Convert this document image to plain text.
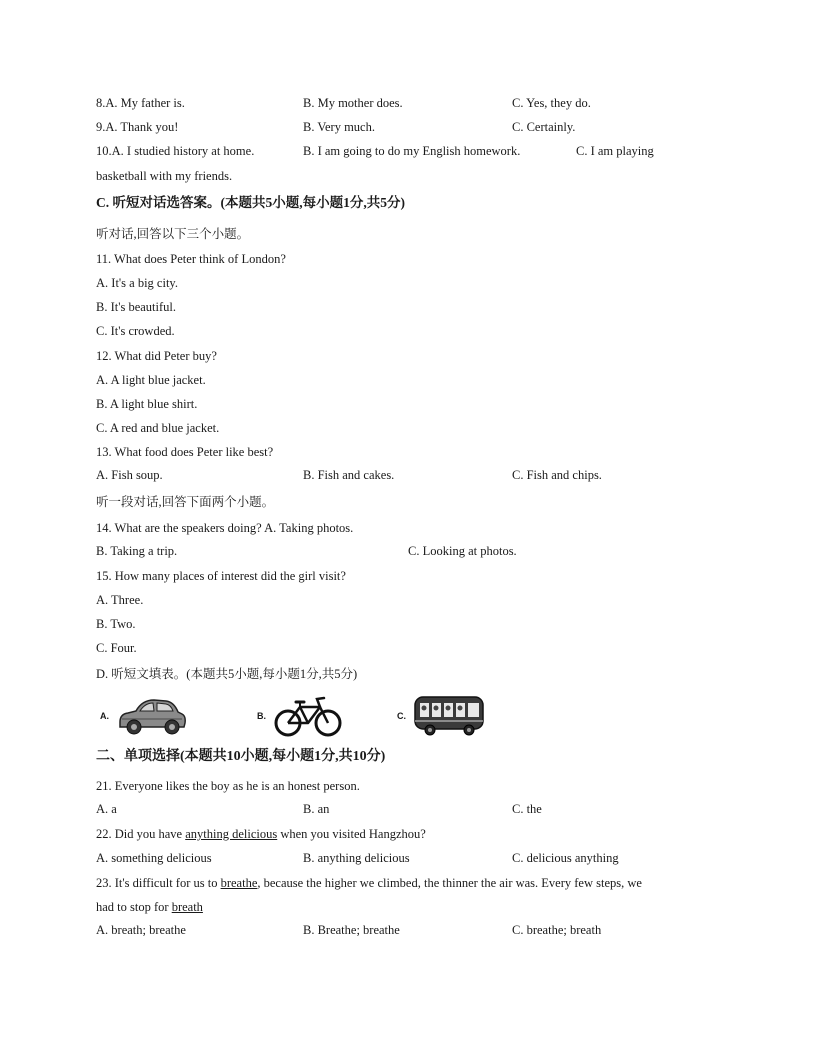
8.A. My father is.	B. My mother does.	C. Yes, they do.
9.A. Thank you!	B. Very much.	C. Certainly.
10.A. I studied history at home.	B. I am going to do my English homework.	C. I am playing
basketball with my friends.
C. 听短对话选答案。(本题共5小题,每小题1分,共5分)
听对话,回答以下三个小题。
11. What does Peter think of London?
A. It's a big city.
B. It's beautiful.
C. It's crowded.
12. What did Peter buy?
A. A light blue jacket.
B. A light blue shirt.
C. A red and blue jacket.
13. What food does Peter like best?
A. Fish soup.	B. Fish and cakes.	C. Fish and chips.
听一段对话,回答下面两个小题。
14. What are the speakers doing? A. Taking photos.
B. Taking a trip.	C. Looking at photos.
15. How many places of interest did the girl visit?
A. Three.
B. Two.
C. Four.
D. 听短文填表。(本题共5小题,每小题1分,共5分)
A.	B.	C.
二、单项选择(本题共10小题,每小题1分,共10分)
21. Everyone likes the boy as he is an honest person.
A. a	B. an	C. the
22. Did you have anything delicious when you visited Hangzhou?
A. something delicious	B. anything delicious	C. delicious anything
23. It's difficult for us to breathe, because the higher we climbed, the thinner the air was. Every few steps, we
had to stop for breath
A. breath; breathe	B. Breathe; breathe	C. breathe; breath
